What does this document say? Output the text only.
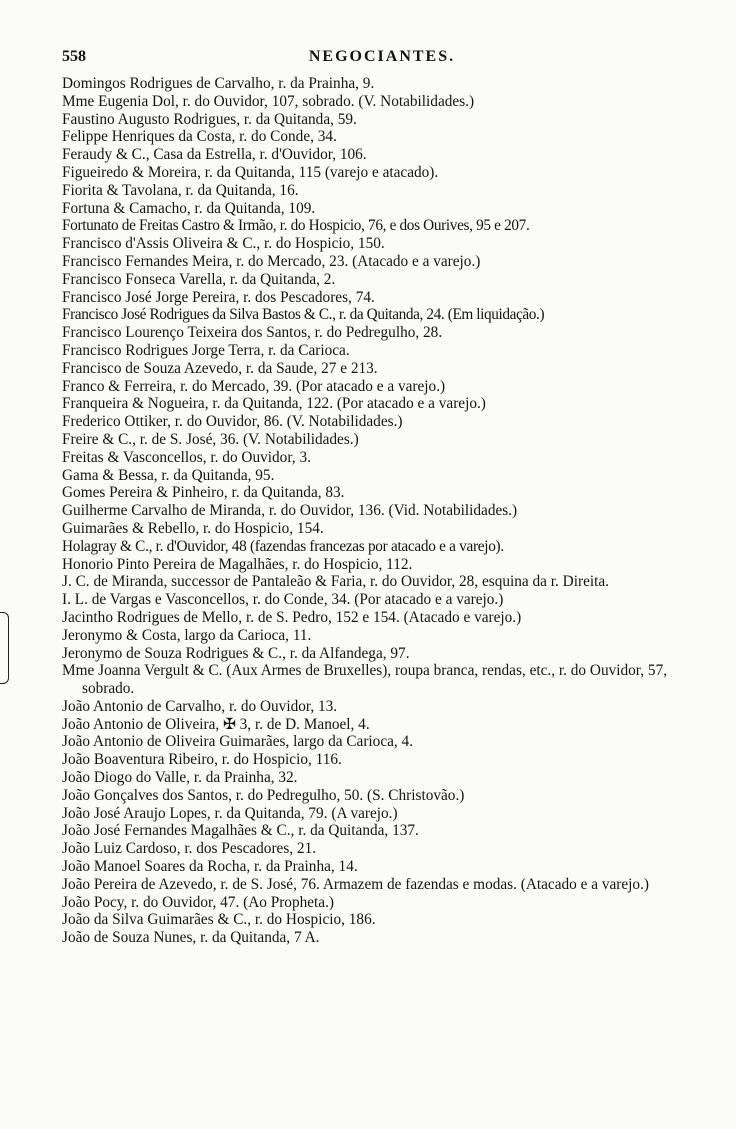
558	NEGOCIANTES.
Domingos Rodrigues de Carvalho, r. da Prainha, 9.
Mme Eugenia Dol, r. do Ouvidor, 107, sobrado. (V. Notabilidades.)
Faustino Augusto Rodrigues, r. da Quitanda, 59.
Felippe Henriques da Costa, r. do Conde, 34.
Feraudy & C., Casa da Estrella, r. d'Ouvidor, 106.
Figueiredo & Moreira, r. da Quitanda, 115 (varejo e atacado).
Fiorita & Tavolana, r. da Quitanda, 16.
Fortuna & Camacho, r. da Quitanda, 109.
Fortunato de Freitas Castro & Irmão, r. do Hospicio, 76, e dos Ourives, 95 e 207.
Francisco d'Assis Oliveira & C., r. do Hospicio, 150.
Francisco Fernandes Meira, r. do Mercado, 23. (Atacado e a varejo.)
Francisco Fonseca Varella, r. da Quitanda, 2.
Francisco José Jorge Pereira, r. dos Pescadores, 74.
Francisco José Rodrigues da Silva Bastos & C., r. da Quitanda, 24. (Em liquidação.)
Francisco Lourenço Teixeira dos Santos, r. do Pedregulho, 28.
Francisco Rodrigues Jorge Terra, r. da Carioca.
Francisco de Souza Azevedo, r. da Saude, 27 e 213.
Franco & Ferreira, r. do Mercado, 39. (Por atacado e a varejo.)
Franqueira & Nogueira, r. da Quitanda, 122. (Por atacado e a varejo.)
Frederico Ottiker, r. do Ouvidor, 86. (V. Notabilidades.)
Freire & C., r. de S. José, 36. (V. Notabilidades.)
Freitas & Vasconcellos, r. do Ouvidor, 3.
Gama & Bessa, r. da Quitanda, 95.
Gomes Pereira & Pinheiro, r. da Quitanda, 83.
Guilherme Carvalho de Miranda, r. do Ouvidor, 136. (Vid. Notabilidades.)
Guimarães & Rebello, r. do Hospicio, 154.
Holagray & C., r. d'Ouvidor, 48 (fazendas francezas por atacado e a varejo).
Honorio Pinto Pereira de Magalhães, r. do Hospicio, 112.
J. C. de Miranda, successor de Pantaleão & Faria, r. do Ouvidor, 28, esquina da r. Direita.
I. L. de Vargas e Vasconcellos, r. do Conde, 34. (Por atacado e a varejo.)
Jacintho Rodrigues de Mello, r. de S. Pedro, 152 e 154. (Atacado e varejo.)
Jeronymo & Costa, largo da Carioca, 11.
Jeronymo de Souza Rodrigues & C., r. da Alfandega, 97.
Mme Joanna Vergult & C. (Aux Armes de Bruxelles), roupa branca, rendas, etc., r. do Ouvidor, 57, sobrado.
João Antonio de Carvalho, r. do Ouvidor, 13.
João Antonio de Oliveira, ✠ 3, r. de D. Manoel, 4.
João Antonio de Oliveira Guimarães, largo da Carioca, 4.
João Boaventura Ribeiro, r. do Hospicio, 116.
João Diogo do Valle, r. da Prainha, 32.
João Gonçalves dos Santos, r. do Pedregulho, 50. (S. Christovão.)
João José Araujo Lopes, r. da Quitanda, 79. (A varejo.)
João José Fernandes Magalhães & C., r. da Quitanda, 137.
João Luiz Cardoso, r. dos Pescadores, 21.
João Manoel Soares da Rocha, r. da Prainha, 14.
João Pereira de Azevedo, r. de S. José, 76. Armazem de fazendas e modas. (Atacado e a varejo.)
João Pocy, r. do Ouvidor, 47. (Ao Propheta.)
João da Silva Guimarães & C., r. do Hospicio, 186.
João de Souza Nunes, r. da Quitanda, 7 A.
